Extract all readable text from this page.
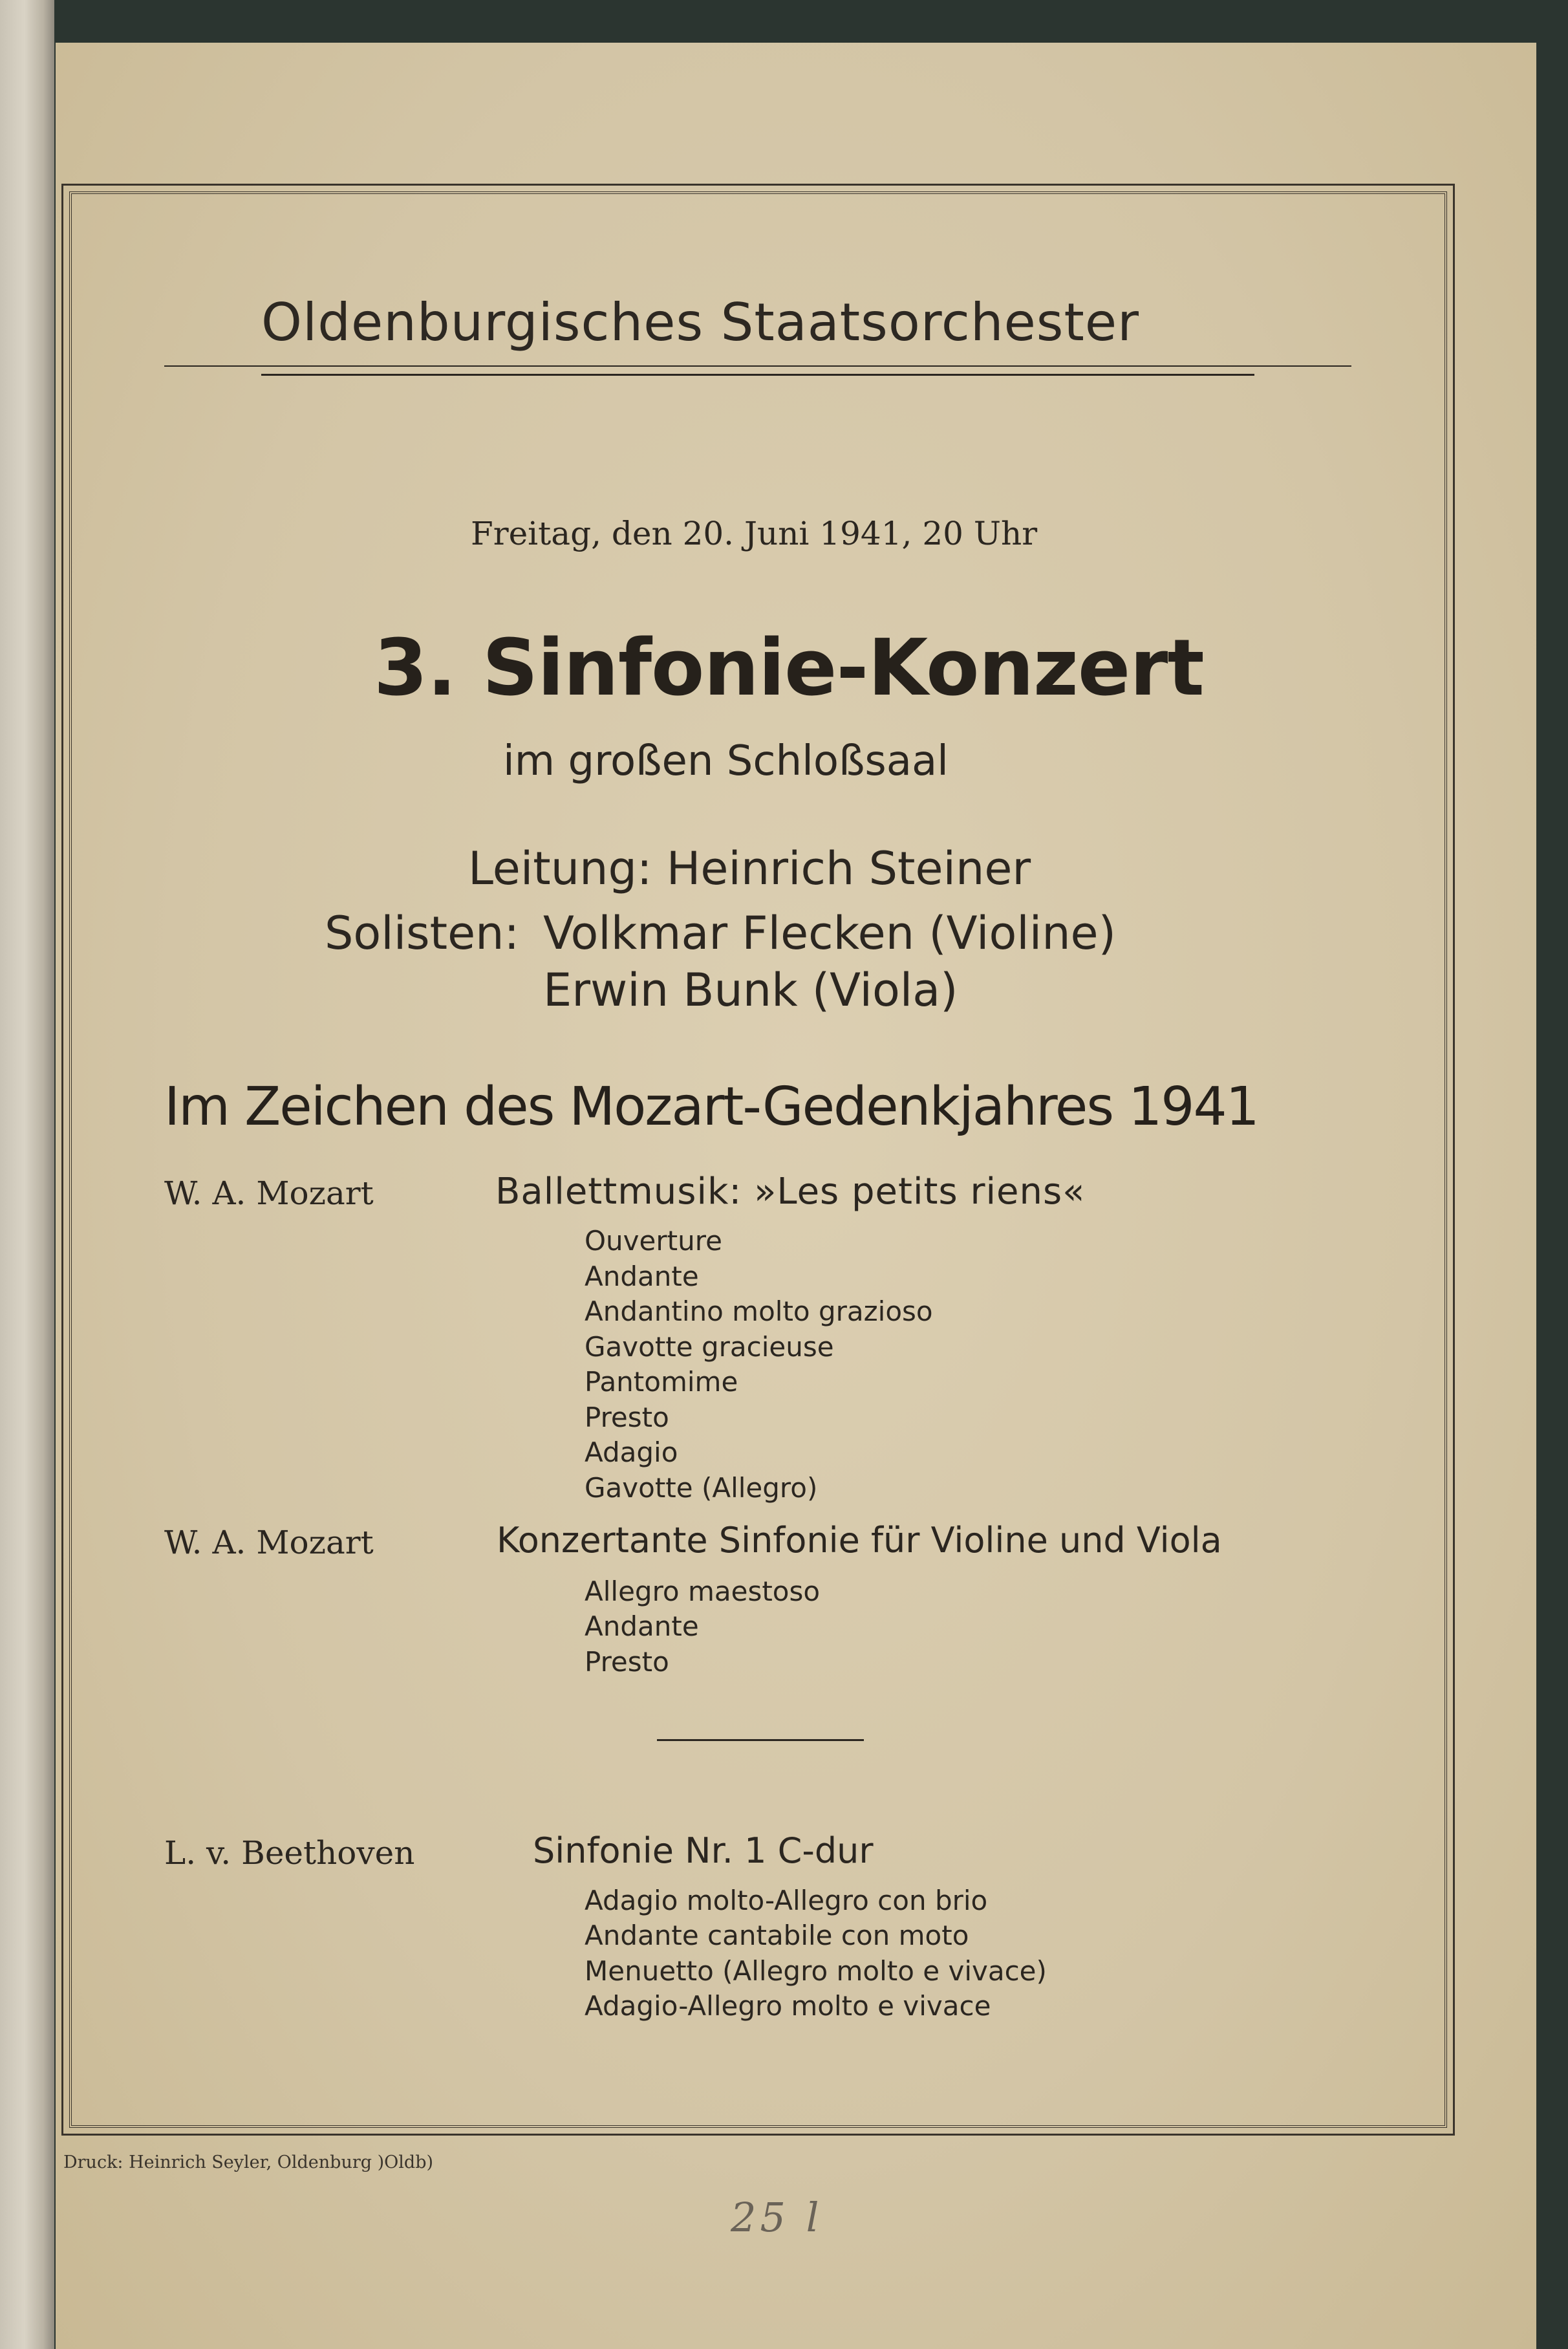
Oldenburgisches Staatsorchester
Freitag, den 20. Juni 1941, 20 Uhr
3. Sinfonie-Konzert
im großen Schloßsaal
Leitung: Heinrich Steiner
Solisten: Volkmar Flecken (Violine)
Erwin Bunk (Viola)
Im Zeichen des Mozart-Gedenkjahres 1941
W. A. Mozart	Ballettmusik: »Les petits riens«
Ouverture
Andante
Andantino molto grazioso
Gavotte gracieuse
Pantomime
Presto
Adagio
Gavotte (Allegro)
W. A. Mozart	Konzertante Sinfonie für Violine und Viola
Allegro maestoso
Andante
Presto
L. v. Beethoven	Sinfonie Nr. 1 C-dur
Adagio molto-Allegro con brio
Andante cantabile con moto
Menuetto (Allegro molto e vivace)
Adagio-Allegro molto e vivace
Druck: Heinrich Seyler, Oldenburg )Oldb)
25 l
